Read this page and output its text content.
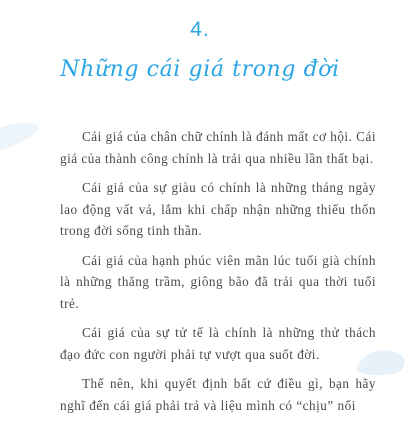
4.
Những cái giá trong đời

Cái giá của chân chữ chính là đánh mất cơ hội. Cái giá của thành công chính là trải qua nhiều lần thất bại.

Cái giá của sự giàu có chính là những tháng ngày lao động vất vả, lắm khi chấp nhận những thiếu thốn trong đời sống tinh thần.

Cái giá của hạnh phúc viên mãn lúc tuổi già chính là những thăng trầm, giông bão đã trải qua thời tuổi trẻ.

Cái giá của sự tử tế là chính là những thử thách đạo đức con người phải tự vượt qua suốt đời.

Thế nên, khi quyết định bất cứ điều gì, bạn hãy nghĩ đến cái giá phải trả và liệu mình có “chịu” nổi
